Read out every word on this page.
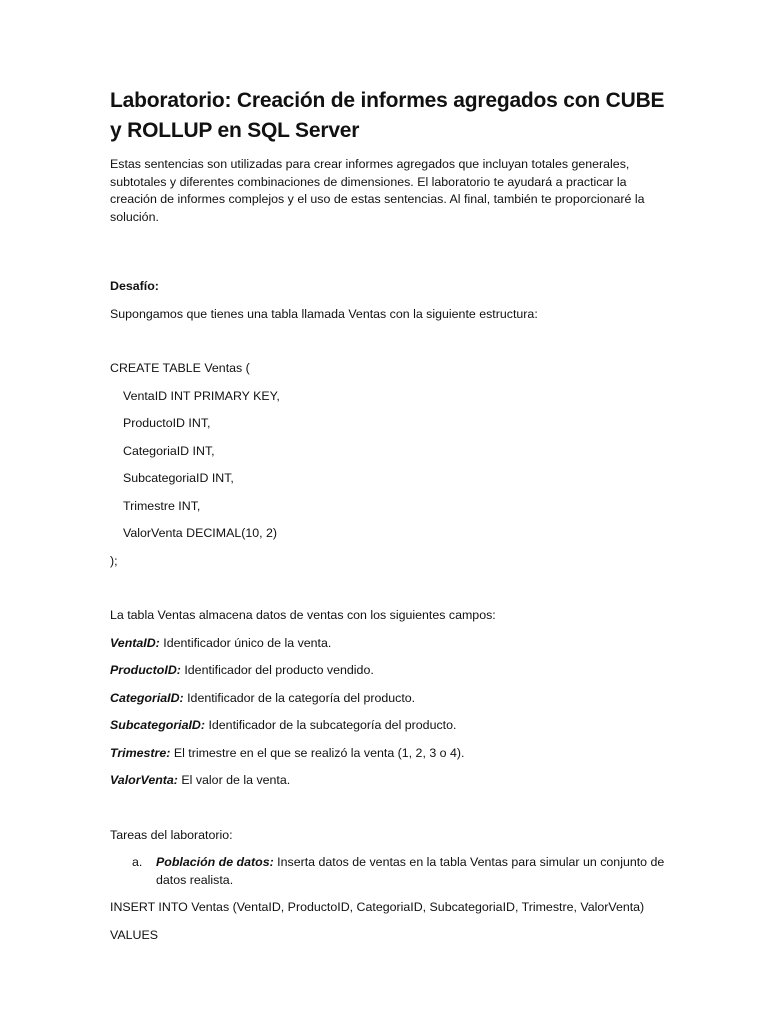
Laboratorio: Creación de informes agregados con CUBE y ROLLUP en SQL Server

Estas sentencias son utilizadas para crear informes agregados que incluyan totales generales, subtotales y diferentes combinaciones de dimensiones. El laboratorio te ayudará a practicar la creación de informes complejos y el uso de estas sentencias. Al final, también te proporcionaré la solución.

Desafío:

Supongamos que tienes una tabla llamada Ventas con la siguiente estructura:

CREATE TABLE Ventas (

VentaID INT PRIMARY KEY,

ProductoID INT,

CategoriaID INT,

SubcategoriaID INT,

Trimestre INT,

ValorVenta DECIMAL(10, 2)

);

La tabla Ventas almacena datos de ventas con los siguientes campos:

VentaID: Identificador único de la venta.

ProductoID: Identificador del producto vendido.

CategoriaID: Identificador de la categoría del producto.

SubcategoriaID: Identificador de la subcategoría del producto.

Trimestre: El trimestre en el que se realizó la venta (1, 2, 3 o 4).

ValorVenta: El valor de la venta.

Tareas del laboratorio:

a.	Población de datos: Inserta datos de ventas en la tabla Ventas para simular un conjunto de datos realista.

INSERT INTO Ventas (VentaID, ProductoID, CategoriaID, SubcategoriaID, Trimestre, ValorVenta)

VALUES
